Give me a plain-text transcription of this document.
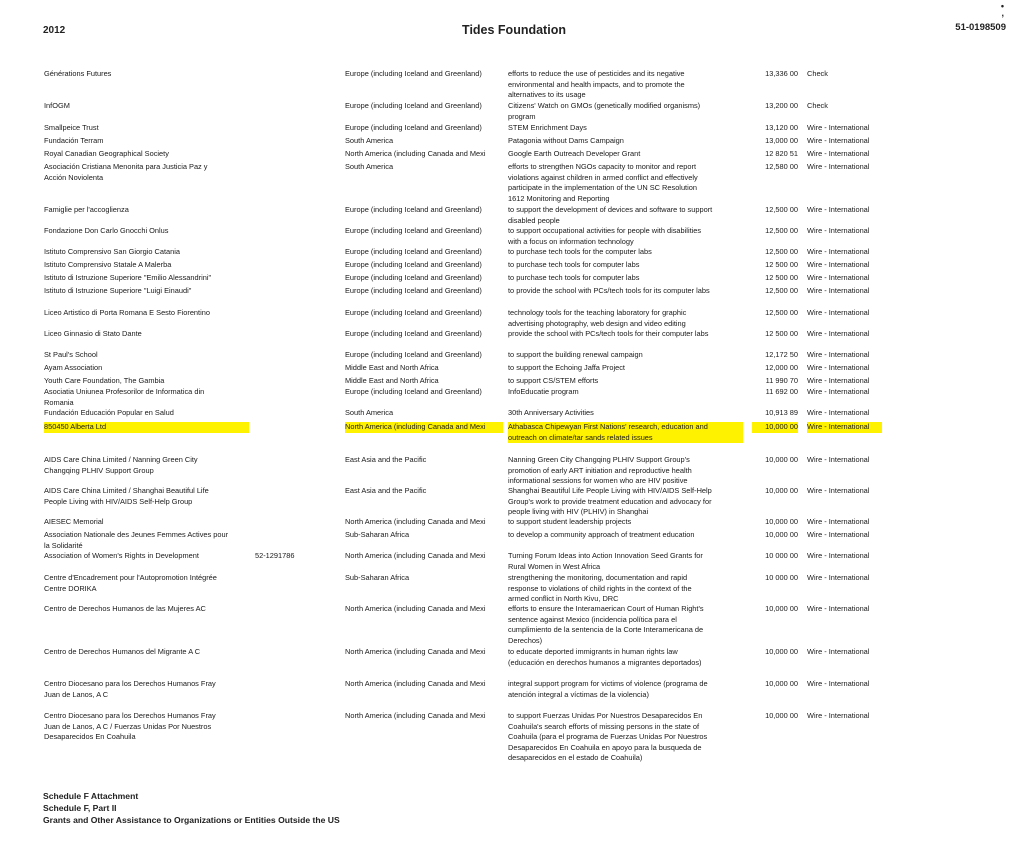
•
,
2012	Tides Foundation	51-0198509
Générations Futures	Europe (including Iceland and Greenland)	efforts to reduce the use of pesticides and its negative
environmental and health impacts, and to promote the
alternatives to its usage
13,336 00 Check
InfOGM	Europe (including Iceland and Greenland)	Citizens' Watch on GMOs (genetically modified organisms)
program
13,200 00 Check
Smallpeice Trust	Europe (including Iceland and Greenland)	STEM Enrichment Days	13,120 00 Wire - International
Fundación Terram	South America	Patagonia without Dams Campaign	13,000 00 Wire - International
Royal Canadian Geographical Society	North America (including Canada and Mexi	Google Earth Outreach Developer Grant	12 820 51 Wire - International
Asociación Cristiana Menonita para Justicia Paz y
Acción Noviolenta
South America	efforts to strengthen NGOs capacity to monitor and report
violations against children in armed conflict and effectively
participate in the implementation of the UN SC Resolution
1612 Monitoring and Reporting
12,580 00 Wire - International
Famiglie per l'accoglienza	Europe (including Iceland and Greenland)	to support the development of devices and software to support
disabled people
12,500 00 Wire - International
Fondazione Don Carlo Gnocchi Onlus	Europe (including Iceland and Greenland)	to support occupational activities for people with disabilities
with a focus on information technology
12,500 00 Wire - International
Istituto Comprensivo San Giorgio Catania	Europe (including Iceland and Greenland)	to purchase tech tools for the computer labs	12,500 00 Wire - International
Istituto Comprensivo Statale A Malerba	Europe (including Iceland and Greenland)	to purchase tech tools for computer labs	12 500 00 Wire - International
Istituto di Istruzione Superiore "Emilio Alessandrini"	Europe (including Iceland and Greenland)	to purchase tech tools for computer labs	12 500 00 Wire - International
Istituto di Istruzione Superiore "Luigi Einaudi"	Europe (including Iceland and Greenland)	to provide the school with PCs/tech tools for its computer labs	12,500 00 Wire - International
Liceo Artistico di Porta Romana E Sesto Fiorentino	Europe (including Iceland and Greenland)	technology tools for the teaching laboratory for graphic
advertising photography, web design and video editing
12,500 00 Wire - International
Liceo Ginnasio di Stato Dante	Europe (including Iceland and Greenland)	provide the school with PCs/tech tools for their computer labs	12 500 00 Wire - International
St Paul's School	Europe (including Iceland and Greenland)	to support the building renewal campaign	12,172 50 Wire - International
Ayam Association	Middle East and North Africa	to support the Echoing Jaffa Project	12,000 00 Wire - International
Youth Care Foundation, The Gambia	Middle East and North Africa	to support CS/STEM efforts	11 990 70 Wire - International
Asociatia Uniunea Profesorilor de Informatica din
Romania
Europe (including Iceland and Greenland)	InfoEducatie program	11 692 00 Wire - International
Fundación Educación Popular en Salud	South America	30th Anniversary Activities	10,913 89 Wire - International
850450 Alberta Ltd	North America (including Canada and Mexi	Athabasca Chipewyan First Nations' research, education and
outreach on climate/tar sands related issues
10,000 00 Wire - International
AIDS Care China Limited / Nanning Green City
Changqing PLHIV Support Group
East Asia and the Pacific	Nanning Green City Changqing PLHIV Support Group's
promotion of early ART initiation and reproductive health
informational sessions for women who are HIV positive
10,000 00 Wire - International
AIDS Care China Limited / Shanghai Beautiful Life
People Living with HIV/AIDS Self-Help Group
East Asia and the Pacific	Shanghai Beautiful Life People Living with HIV/AIDS Self-Help
Group's work to provide treatment education and advocacy for
people living with HIV (PLHIV) in Shanghai
10,000 00 Wire - International
AIESEC Memorial	North America (including Canada and Mexi	to support student leadership projects	10,000 00 Wire - International
Association Nationale des Jeunes Femmes Actives pour
la Solidarité
Sub-Saharan Africa	to develop a community approach of treatment education	10,000 00 Wire - International
Association of Women's Rights in Development	52-1291786	North America (including Canada and Mexi	Turning Forum Ideas into Action Innovation Seed Grants for
Rural Women in West Africa
10 000 00 Wire - International
Centre d'Encadrement pour l'Autopromotion Intégrée
Centre DORIKA
Sub-Saharan Africa	strengthening the monitoring, documentation and rapid
response to violations of child rights in the context of the
armed conflict in North Kivu, DRC
10 000 00 Wire - International
Centro de Derechos Humanos de las Mujeres AC	North America (including Canada and Mexi	efforts to ensure the Interamaerican Court of Human Right's
sentence against Mexico (incidencia política para el
cumplimiento de la sentencia de la Corte Interamericana de
Derechos)
10,000 00 Wire - International
Centro de Derechos Humanos del Migrante A C	North America (including Canada and Mexi	to educate deported immigrants in human rights law
(educación en derechos humanos a migrantes deportados)
10,000 00 Wire - International
Centro Diocesano para los Derechos Humanos Fray
Juan de Lanos, A C
North America (including Canada and Mexi	integral support program for victims of violence (programa de
atención integral a víctimas de la violencia)
10,000 00 Wire - International
Centro Diocesano para los Derechos Humanos Fray
Juan de Lanos, A C / Fuerzas Unidas Por Nuestros
Desaparecidos En Coahuila
North America (including Canada and Mexi	to support Fuerzas Unidas Por Nuestros Desaparecidos En
Coahuila's search efforts of missing persons in the state of
Coahuila (para el programa de Fuerzas Unidas Por Nuestros
Desaparecidos En Coahuila en apoyo para la busqueda de
desaparecidos en el estado de Coahuila)
10,000 00 Wire - International
Schedule F Attachment
Schedule F, Part II
Grants and Other Assistance to Organizations or Entities Outside the US
